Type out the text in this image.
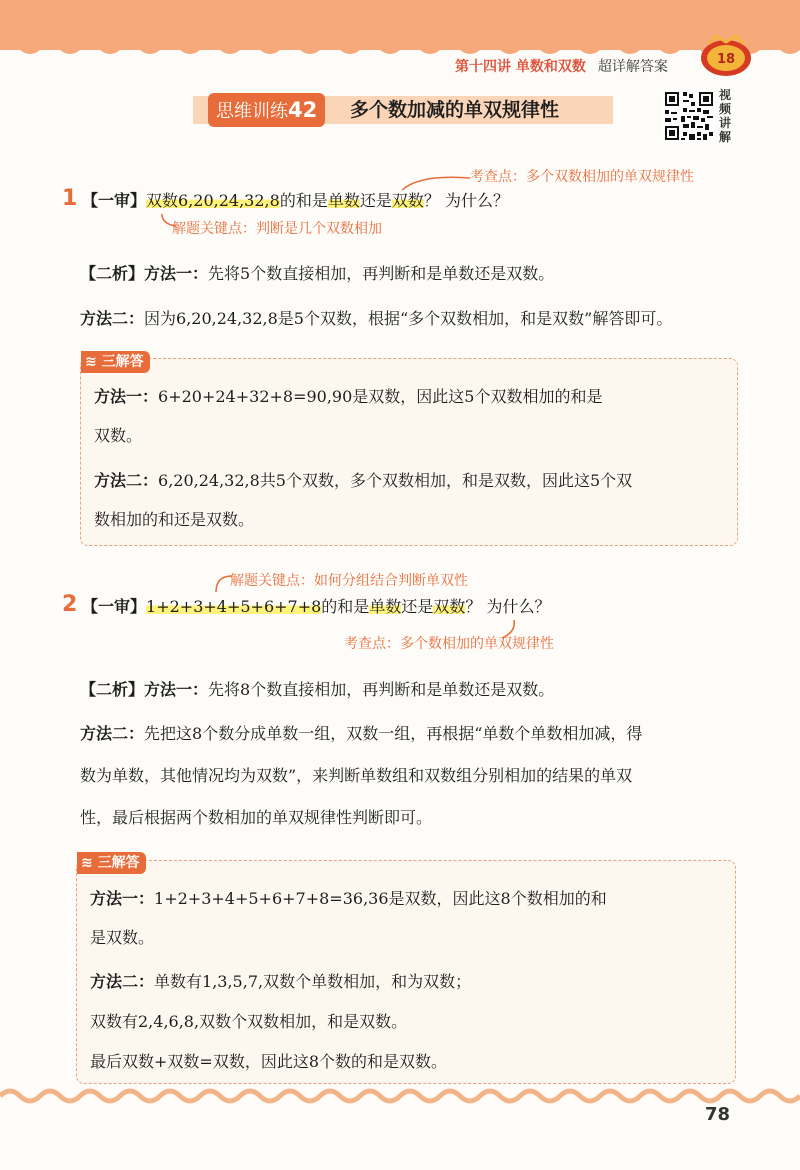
第十四讲 单数和双数 超详解答案	18
思维训练42	多个数加减的单双规律性
视
频
讲
解
考查点：多个双数相加的单双规律性
1 【一审】双数6,20,24,32,8的和是单数还是双数？ 为什么？
解题关键点：判断是几个双数相加
【二析】方法一：先将5个数直接相加，再判断和是单数还是双数。
方法二：因为6,20,24,32,8是5个双数，根据“多个双数相加，和是双数”解答即可。
≋ 三解答
方法一：6+20+24+32+8=90,90是双数，因此这5个双数相加的和是
双数。
方法二：6,20,24,32,8共5个双数，多个双数相加，和是双数，因此这5个双
数相加的和还是双数。
解题关键点：如何分组结合判断单双性
2 【一审】1+2+3+4+5+6+7+8的和是单数还是双数？ 为什么？
考查点：多个数相加的单双规律性
【二析】方法一：先将8个数直接相加，再判断和是单数还是双数。
方法二：先把这8个数分成单数一组，双数一组，再根据“单数个单数相加减，得
数为单数，其他情况均为双数”，来判断单数组和双数组分别相加的结果的单双
性，最后根据两个数相加的单双规律性判断即可。
≋ 三解答
方法一：1+2+3+4+5+6+7+8=36,36是双数，因此这8个数相加的和
是双数。
方法二：单数有1,3,5,7,双数个单数相加，和为双数；
双数有2,4,6,8,双数个双数相加，和是双数。
最后双数+双数=双数，因此这8个数的和是双数。
78
